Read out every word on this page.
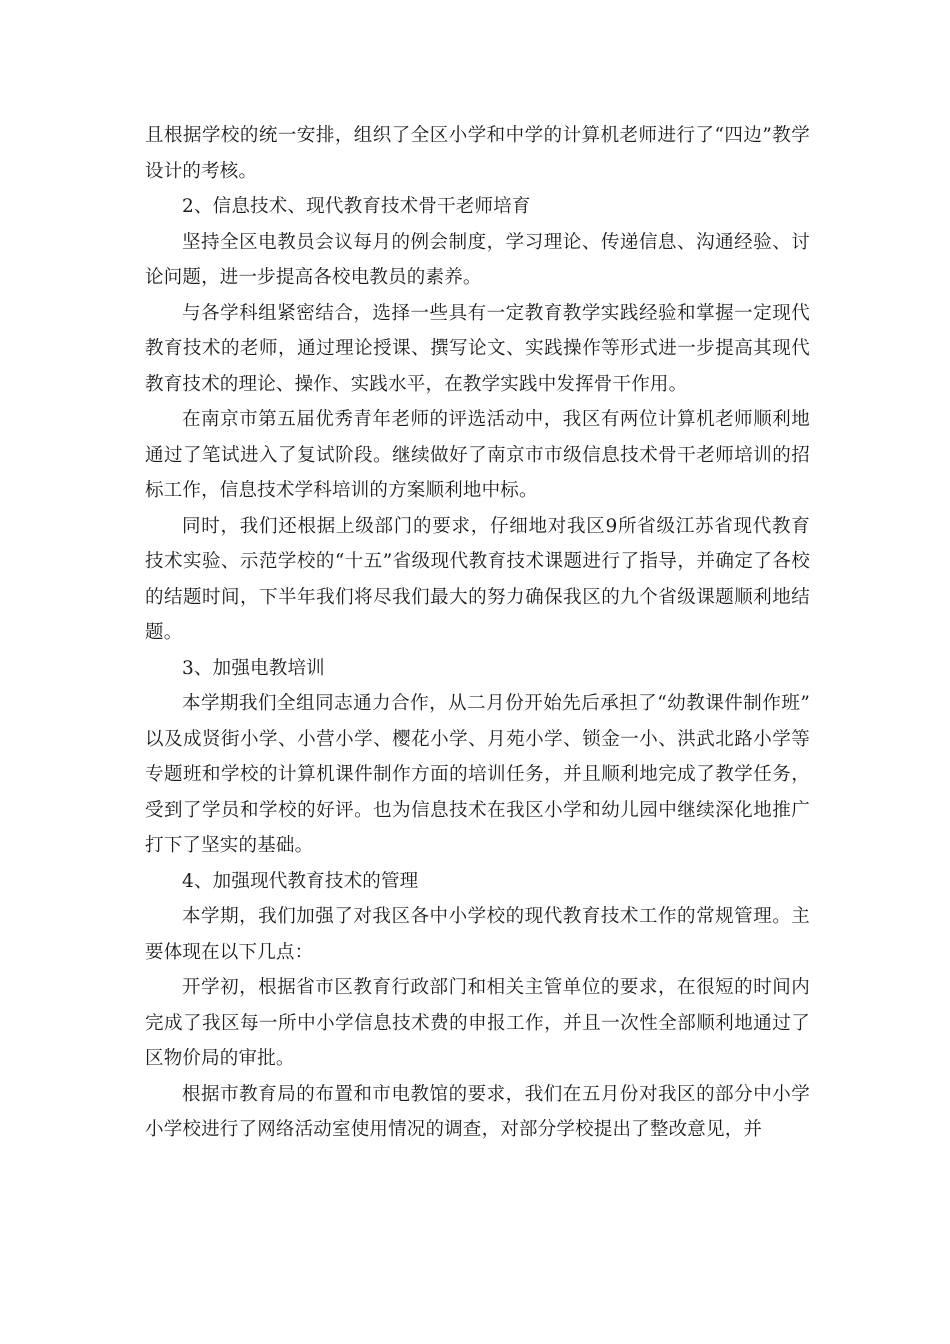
且根据学校的统一安排，组织了全区小学和中学的计算机老师进行了“四边”教学设计的考核。

2、信息技术、现代教育技术骨干老师培育

坚持全区电教员会议每月的例会制度，学习理论、传递信息、沟通经验、讨论问题，进一步提高各校电教员的素养。

与各学科组紧密结合，选择一些具有一定教育教学实践经验和掌握一定现代教育技术的老师，通过理论授课、撰写论文、实践操作等形式进一步提高其现代教育技术的理论、操作、实践水平，在教学实践中发挥骨干作用。

在南京市第五届优秀青年老师的评选活动中，我区有两位计算机老师顺利地通过了笔试进入了复试阶段。继续做好了南京市市级信息技术骨干老师培训的招标工作，信息技术学科培训的方案顺利地中标。

同时，我们还根据上级部门的要求，仔细地对我区9所省级江苏省现代教育技术实验、示范学校的“十五”省级现代教育技术课题进行了指导，并确定了各校的结题时间，下半年我们将尽我们最大的努力确保我区的九个省级课题顺利地结题。

3、加强电教培训

本学期我们全组同志通力合作，从二月份开始先后承担了“幼教课件制作班” 以及成贤街小学、小营小学、樱花小学、月苑小学、锁金一小、洪武北路小学等专题班和学校的计算机课件制作方面的培训任务，并且顺利地完成了教学任务，受到了学员和学校的好评。也为信息技术在我区小学和幼儿园中继续深化地推广打下了坚实的基础。

4、加强现代教育技术的管理

本学期，我们加强了对我区各中小学校的现代教育技术工作的常规管理。主要体现在以下几点：

开学初，根据省市区教育行政部门和相关主管单位的要求，在很短的时间内完成了我区每一所中小学信息技术费的申报工作，并且一次性全部顺利地通过了区物价局的审批。

根据市教育局的布置和市电教馆的要求，我们在五月份对我区的部分中小学小学校进行了网络活动室使用情况的调查，对部分学校提出了整改意见，并
